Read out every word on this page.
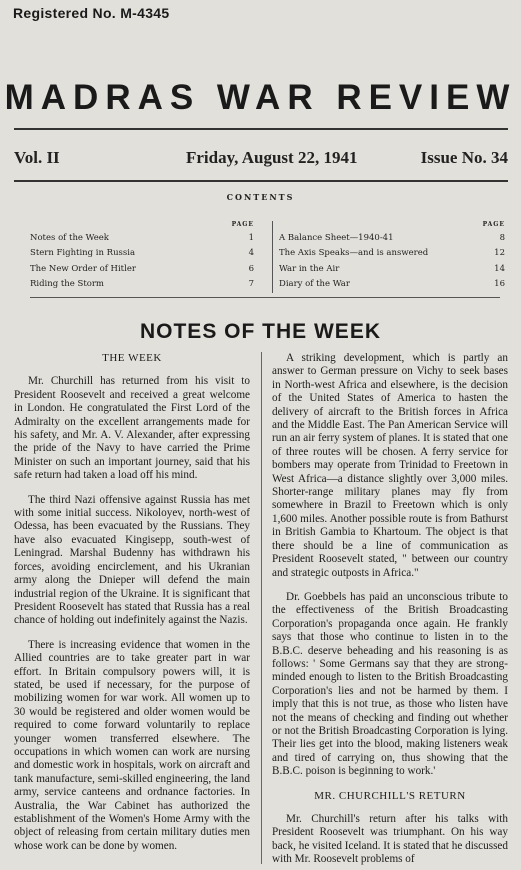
Registered No. M-4345
MADRAS WAR REVIEW
Vol. II	Friday, August 22, 1941	Issue No. 34
CONTENTS
PAGE
Notes of the Week	1
Stern Fighting in Russia	4
The New Order of Hitler	6
Riding the Storm	7
PAGE
A Balance Sheet—1940-41	8
The Axis Speaks—and is answered	12
War in the Air	14
Diary of the War	16
NOTES OF THE WEEK
THE WEEK

Mr. Churchill has returned from his visit to President Roosevelt and received a great welcome in London. He congratulated the First Lord of the Admiralty on the excellent arrangements made for his safety, and Mr. A. V. Alexander, after expressing the pride of the Navy to have carried the Prime Minister on such an important journey, said that his safe return had taken a load off his mind.

The third Nazi offensive against Russia has met with some initial success. Nikoloyev, north-west of Odessa, has been evacuated by the Russians. They have also evacuated Kingisepp, south-west of Leningrad. Marshal Budenny has withdrawn his forces, avoiding encirclement, and his Ukranian army along the Dnieper will defend the main industrial region of the Ukraine. It is significant that President Roosevelt has stated that Russia has a real chance of holding out indefinitely against the Nazis.

There is increasing evidence that women in the Allied countries are to take greater part in war effort. In Britain compulsory powers will, it is stated, be used if necessary, for the purpose of mobilizing women for war work. All women up to 30 would be registered and older women would be required to come forward voluntarily to replace younger women transferred elsewhere. The occupations in which women can work are nursing and domestic work in hospitals, work on aircraft and tank manufacture, semi-skilled engineering, the land army, service canteens and ordnance factories. In Australia, the War Cabinet has authorized the establishment of the Women's Home Army with the object of releasing from certain military duties men whose work can be done by women.

A striking development, which is partly an answer to German pressure on Vichy to seek bases in North-west Africa and elsewhere, is the decision of the United States of America to hasten the delivery of aircraft to the British forces in Africa and the Middle East. The Pan American Service will run an air ferry system of planes. It is stated that one of three routes will be chosen. A ferry service for bombers may operate from Trinidad to Freetown in West Africa—a distance slightly over 3,000 miles. Shorter-range military planes may fly from somewhere in Brazil to Freetown which is only 1,600 miles. Another possible route is from Bathurst in British Gambia to Khartoum. The object is that there should be a line of communication as President Roosevelt stated, " between our country and strategic outposts in Africa."

Dr. Goebbels has paid an unconscious tribute to the effectiveness of the British Broadcasting Corporation's propaganda once again. He frankly says that those who continue to listen in to the B.B.C. deserve beheading and his reasoning is as follows: ' Some Germans say that they are strong-minded enough to listen to the British Broadcasting Corporation's lies and not be harmed by them. I imply that this is not true, as those who listen have not the means of checking and finding out whether or not the British Broadcasting Corporation is lying. Their lies get into the blood, making listeners weak and tired of carrying on, thus showing that the B.B.C. poison is beginning to work.'

MR. CHURCHILL'S RETURN

Mr. Churchill's return after his talks with President Roosevelt was triumphant. On his way back, he visited Iceland. It is stated that he discussed with Mr. Roosevelt problems of
